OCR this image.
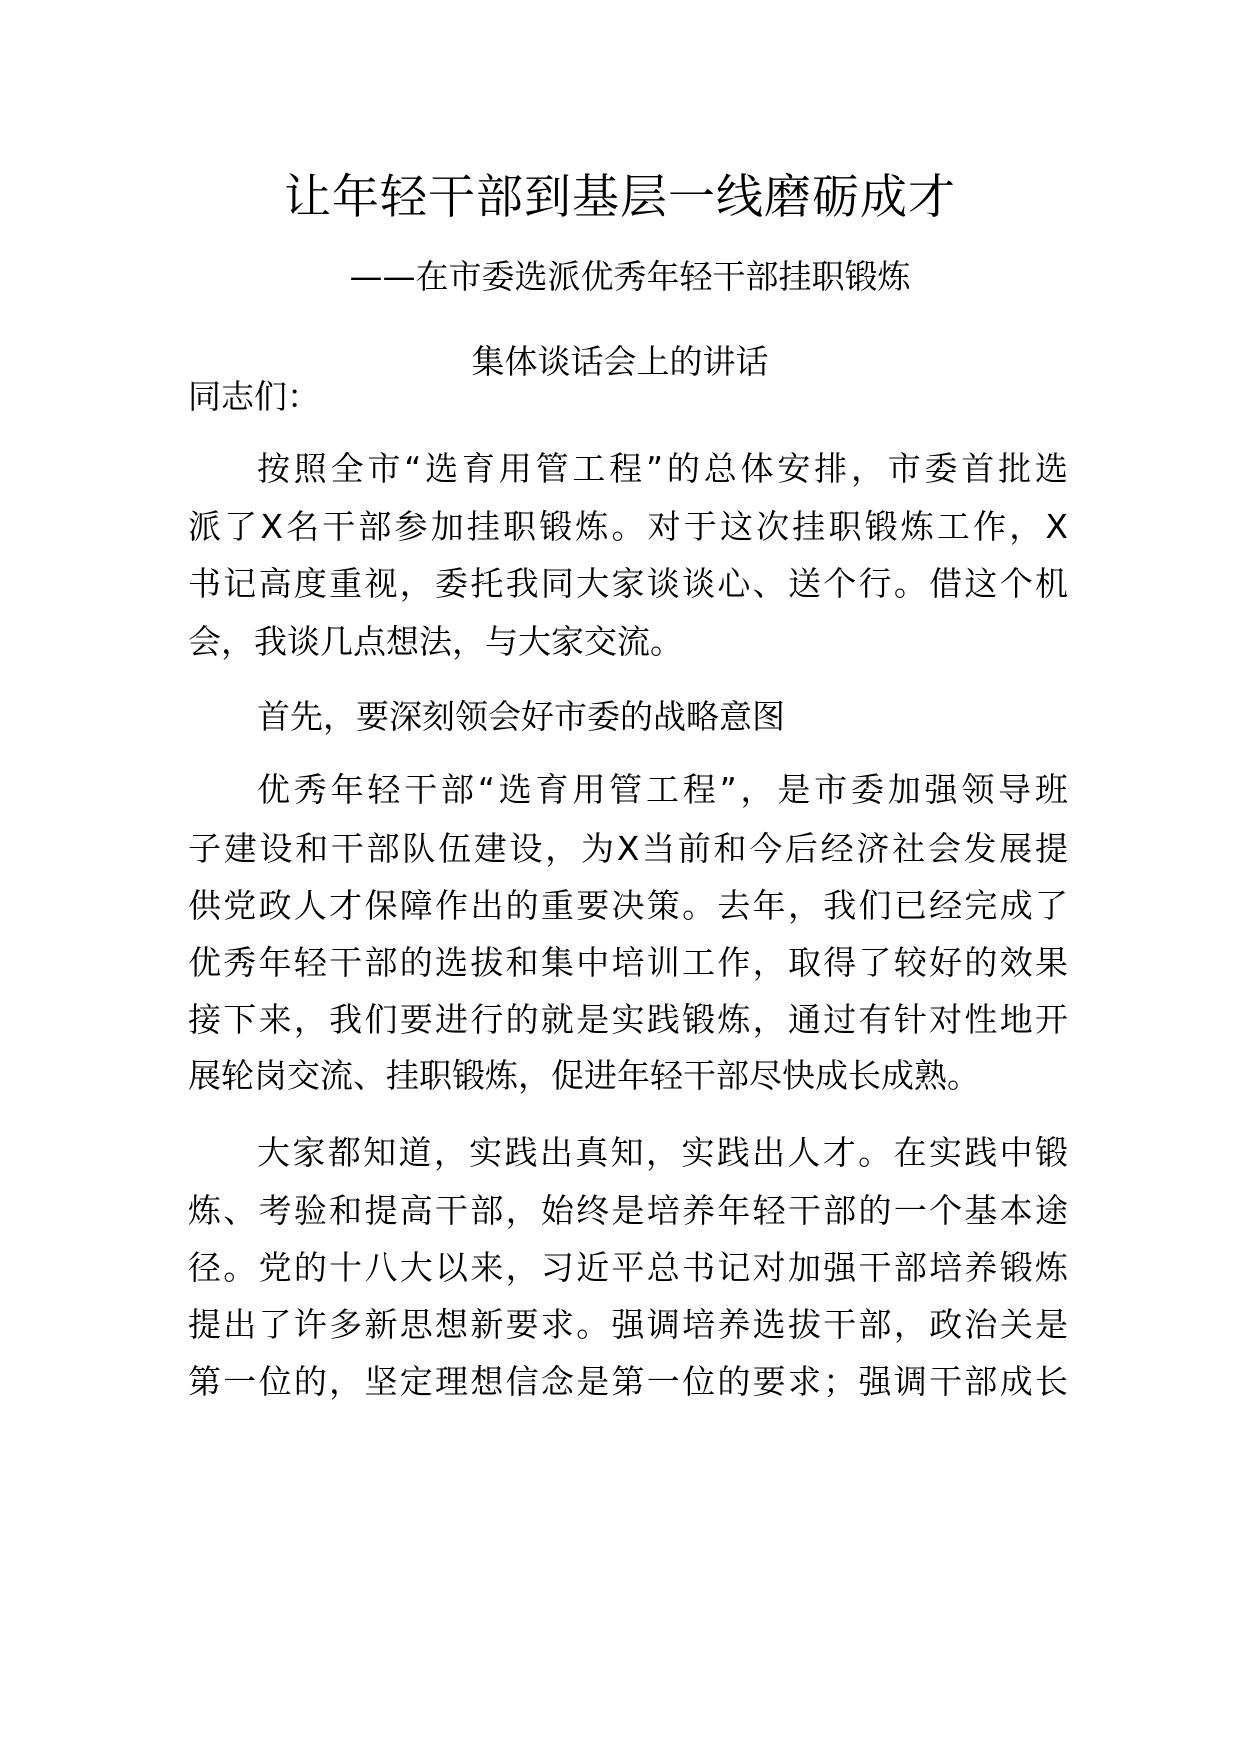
让年轻干部到基层一线磨砺成才
——在市委选派优秀年轻干部挂职锻炼
集体谈话会上的讲话
同志们：
按照全市“选育用管工程”的总体安排，市委首批选
派了X名干部参加挂职锻炼。对于这次挂职锻炼工作，X
书记高度重视，委托我同大家谈谈心、送个行。借这个机
会，我谈几点想法，与大家交流。
首先，要深刻领会好市委的战略意图
优秀年轻干部“选育用管工程”，是市委加强领导班
子建设和干部队伍建设，为X当前和今后经济社会发展提
供党政人才保障作出的重要决策。去年，我们已经完成了
优秀年轻干部的选拔和集中培训工作，取得了较好的效果
接下来，我们要进行的就是实践锻炼，通过有针对性地开
展轮岗交流、挂职锻炼，促进年轻干部尽快成长成熟。
大家都知道，实践出真知，实践出人才。在实践中锻
炼、考验和提高干部，始终是培养年轻干部的一个基本途
径。党的十八大以来，习近平总书记对加强干部培养锻炼
提出了许多新思想新要求。强调培养选拔干部，政治关是
第一位的，坚定理想信念是第一位的要求；强调干部成长
